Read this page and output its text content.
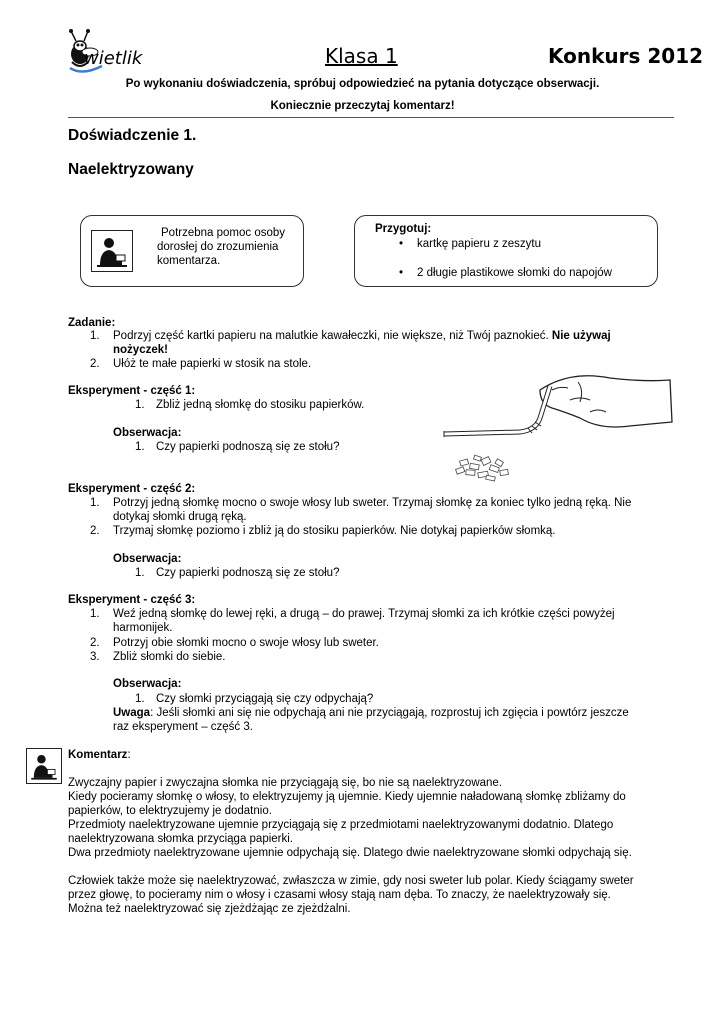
wietlik	Klasa 1	Konkurs 2012
Po wykonaniu doświadczenia, spróbuj odpowiedzieć na pytania dotyczące obserwacji.
Koniecznie przeczytaj komentarz!
Doświadczenie 1.
Naelektryzowany
Potrzebna pomoc osoby
dorosłej do zrozumienia
komentarza.
Przygotuj:
• kartkę papieru z zeszytu
• 2 długie plastikowe słomki do napojów
Zadanie:
1. Podrzyj część kartki papieru na malutkie kawałeczki, nie większe, niż Twój paznokieć. Nie używaj
nożyczek!
2. Ułóż te małe papierki w stosik na stole.
Eksperyment - część 1:
1. Zbliż jedną słomkę do stosiku papierków.
Obserwacja:
1. Czy papierki podnoszą się ze stołu?
Eksperyment - część 2:
1. Potrzyj jedną słomkę mocno o swoje włosy lub sweter. Trzymaj słomkę za koniec tylko jedną ręką. Nie
dotykaj słomki drugą ręką.
2. Trzymaj słomkę poziomo i zbliż ją do stosiku papierków. Nie dotykaj papierków słomką.
Obserwacja:
1. Czy papierki podnoszą się ze stołu?
Eksperyment - część 3:
1. Weź jedną słomkę do lewej ręki, a drugą – do prawej. Trzymaj słomki za ich krótkie części powyżej
harmonijek.
2. Potrzyj obie słomki mocno o swoje włosy lub sweter.
3. Zbliż słomki do siebie.
Obserwacja:
1. Czy słomki przyciągają się czy odpychają?
Uwaga: Jeśli słomki ani się nie odpychają ani nie przyciągają, rozprostuj ich zgięcia i powtórz jeszcze
raz eksperyment – część 3.
Komentarz:
Zwyczajny papier i zwyczajna słomka nie przyciągają się, bo nie są naelektryzowane.
Kiedy pocieramy słomkę o włosy, to elektryzujemy ją ujemnie. Kiedy ujemnie naładowaną słomkę zbliżamy do
papierków, to elektryzujemy je dodatnio.
Przedmioty naelektryzowane ujemnie przyciągają się z przedmiotami naelektryzowanymi dodatnio. Dlatego
naelektryzowana słomka przyciąga papierki.
Dwa przedmioty naelektryzowane ujemnie odpychają się. Dlatego dwie naelektryzowane słomki odpychają się.
Człowiek także może się naelektryzować, zwłaszcza w zimie, gdy nosi sweter lub polar. Kiedy ściągamy sweter
przez głowę, to pocieramy nim o włosy i czasami włosy stają nam dęba. To znaczy, że naelektryzowały się.
Można też naelektryzować się zjeżdżając ze zjeżdżalni.
